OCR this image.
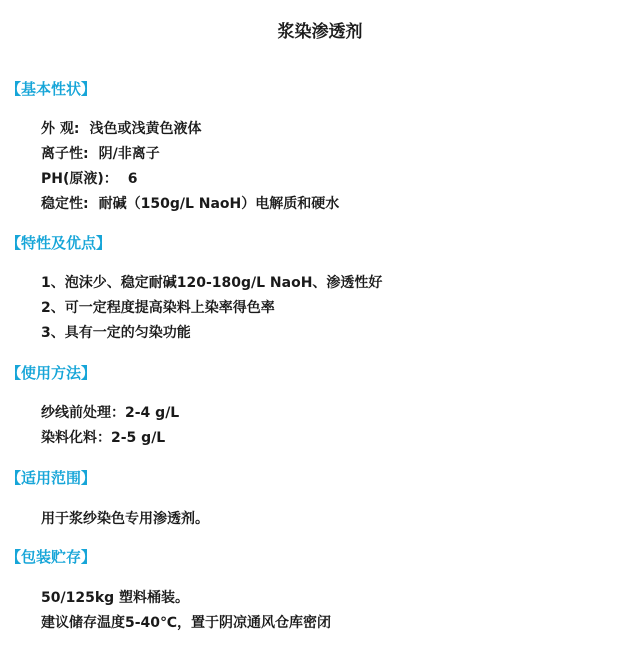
浆染渗透剂
【基本性状】
外 观: 浅色或浅黄色液体
离子性: 阴/非离子
PH(原液)： 6
稳定性: 耐碱（150g/L NaoH）电解质和硬水
【特性及优点】
1、泡沫少、稳定耐碱120-180g/L NaoH、渗透性好
2、可一定程度提高染料上染率得色率
3、具有一定的匀染功能
【使用方法】
纱线前处理：2-4 g/L
染料化料：2-5 g/L
【适用范围】
用于浆纱染色专用渗透剂。
【包装贮存】
50/125kg 塑料桶装。
建议储存温度5-40℃，置于阴凉通风仓库密闭
